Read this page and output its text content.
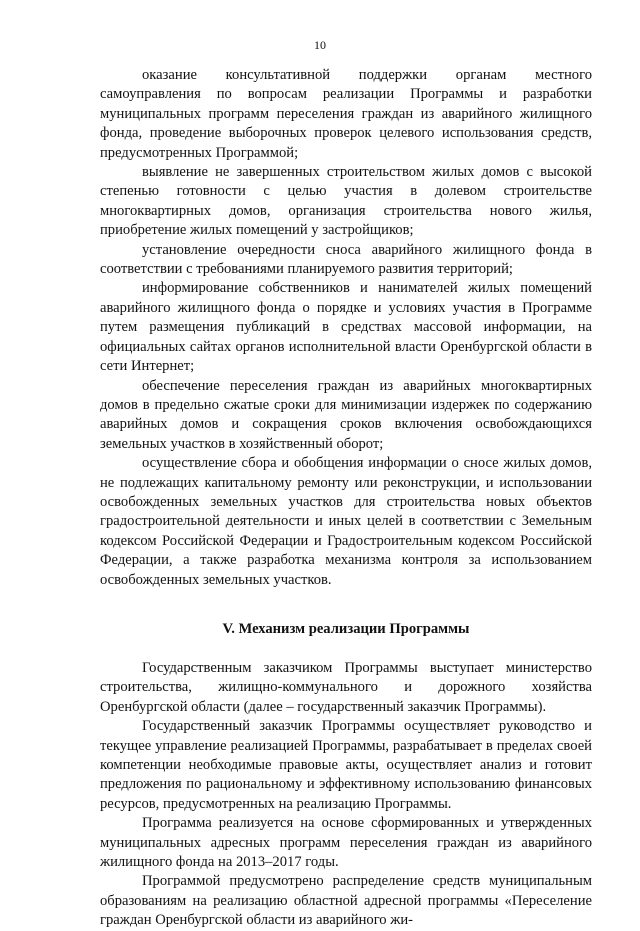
10

оказание консультативной поддержки органам местного самоуправления по вопросам реализации Программы и разработки муниципальных программ переселения граждан из аварийного жилищного фонда, проведение выборочных проверок целевого использования средств, предусмотренных Программой;

выявление не завершенных строительством жилых домов с высокой степенью готовности с целью участия в долевом строительстве многоквартирных домов, организация строительства нового жилья, приобретение жилых помещений у застройщиков;

установление очередности сноса аварийного жилищного фонда в соответствии с требованиями планируемого развития территорий;

информирование собственников и нанимателей жилых помещений аварийного жилищного фонда о порядке и условиях участия в Программе путем размещения публикаций в средствах массовой информации, на официальных сайтах органов исполнительной власти Оренбургской области в сети Интернет;

обеспечение переселения граждан из аварийных многоквартирных домов в предельно сжатые сроки для минимизации издержек по содержанию аварийных домов и сокращения сроков включения освобождающихся земельных участков в хозяйственный оборот;

осуществление сбора и обобщения информации о сносе жилых домов, не подлежащих капитальному ремонту или реконструкции, и использовании освобожденных земельных участков для строительства новых объектов градостроительной деятельности и иных целей в соответствии с Земельным кодексом Российской Федерации и Градостроительным кодексом Российской Федерации, а также разработка механизма контроля за использованием освобожденных земельных участков.

V. Механизм реализации Программы

Государственным заказчиком Программы выступает министерство строительства, жилищно-коммунального и дорожного хозяйства Оренбургской области (далее – государственный заказчик Программы).

Государственный заказчик Программы осуществляет руководство и текущее управление реализацией Программы, разрабатывает в пределах своей компетенции необходимые правовые акты, осуществляет анализ и готовит предложения по рациональному и эффективному использованию финансовых ресурсов, предусмотренных на реализацию Программы.

Программа реализуется на основе сформированных и утвержденных муниципальных адресных программ переселения граждан из аварийного жилищного фонда на 2013–2017 годы.

Программой предусмотрено распределение средств муниципальным образованиям на реализацию областной адресной программы «Переселение граждан Оренбургской области из аварийного жи-
